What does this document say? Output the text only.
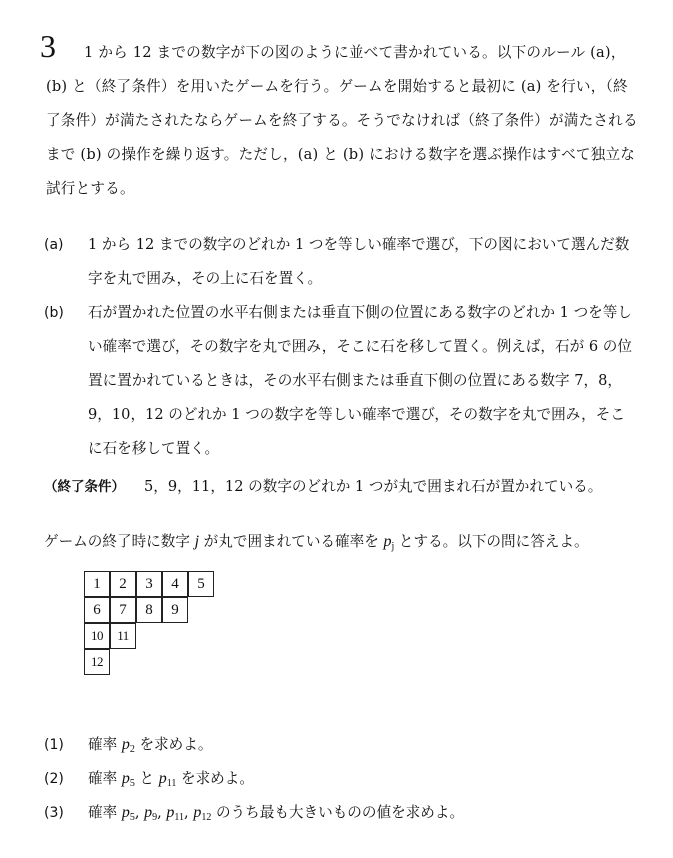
3	1 から 12 までの数字が下の図のように並べて書かれている。以下のルール (a)，(b) と（終了条件）を用いたゲームを行う。ゲームを開始すると最初に (a) を行い，（終了条件）が満たされたならゲームを終了する。そうでなければ（終了条件）が満たされるまで (b) の操作を繰り返す。ただし，(a) と (b) における数字を選ぶ操作はすべて独立な試行とする。
(a) 1 から 12 までの数字のどれか 1 つを等しい確率で選び，下の図において選んだ数字を丸で囲み，その上に石を置く。
(b) 石が置かれた位置の水平右側または垂直下側の位置にある数字のどれか 1 つを等しい確率で選び，その数字を丸で囲み，そこに石を移して置く。例えば，石が 6 の位置に置かれているときは，その水平右側または垂直下側の位置にある数字 7，8，9，10，12 のどれか 1 つの数字を等しい確率で選び，その数字を丸で囲み，そこに石を移して置く。
（終了条件） 5，9，11，12 の数字のどれか 1 つが丸で囲まれ石が置かれている。
ゲームの終了時に数字 j が丸で囲まれている確率を $p_j$ とする。以下の問に答えよ。
1	2	3	4	5
6	7	8	9
10	11
12
(1) 確率 $p_2$ を求めよ。
(2) 確率 $p_5$ と $p_{11}$ を求めよ。
(3) 確率 $p_5$, $p_9$, $p_{11}$, $p_{12}$ のうち最も大きいものの値を求めよ。
